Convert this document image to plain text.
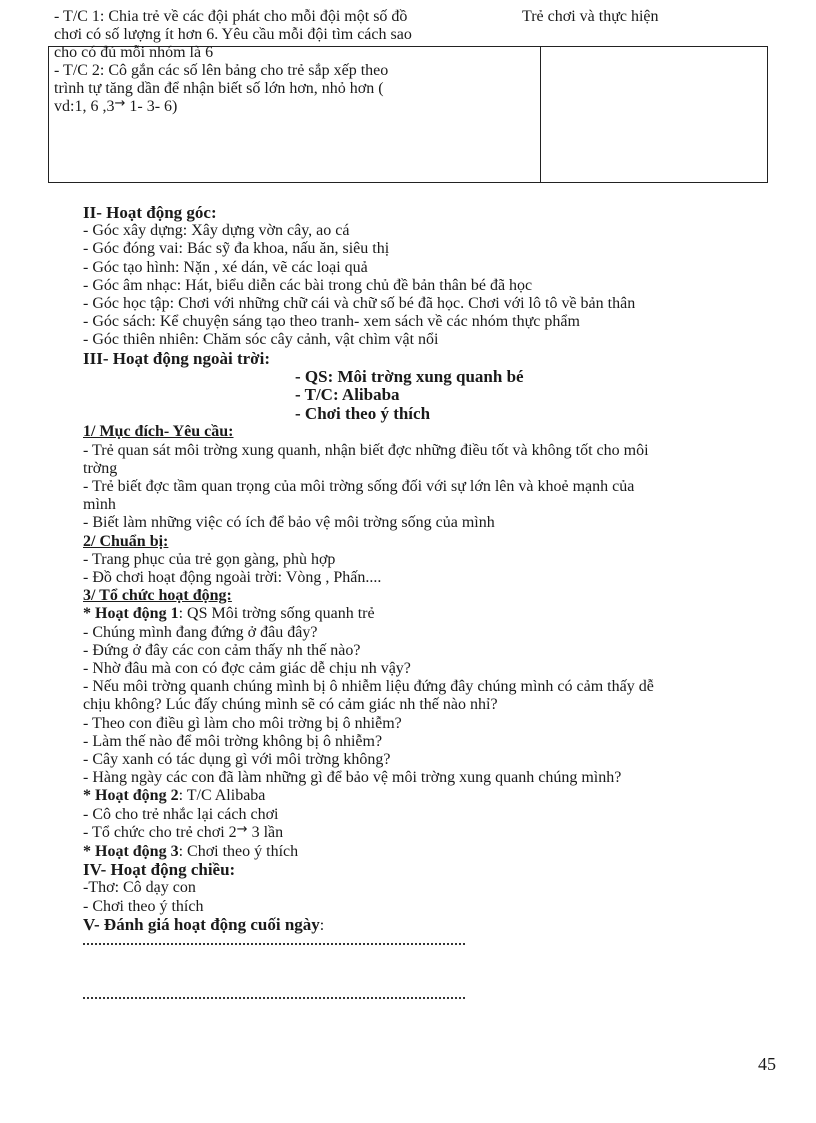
- T/C 1: Chia trẻ về các đội phát cho mỗi đội một số đồ
chơi có số lượng ít hơn 6. Yêu cầu mỗi đội tìm cách sao
cho có đủ mỗi nhóm là 6
- T/C 2: Cô gắn các số lên bảng cho trẻ sắp xếp theo
trình tự tăng dần để nhận biết số lớn hơn, nhỏ hơn (
vd:1, 6 ,3→ 1- 3- 6)
Trẻ chơi và thực hiện
II- Hoạt động góc:
- Góc xây dựng: Xây dựng vờn cây, ao cá
- Góc đóng vai: Bác sỹ đa khoa, nấu ăn, siêu thị
- Góc tạo hình: Nặn , xé dán, vẽ các loại quả
- Góc âm nhạc: Hát, biểu diễn các bài trong chủ đề bản thân bé đã học
- Góc học tập: Chơi với những chữ cái và chữ số bé đã học. Chơi với lô tô về bản thân
- Góc sách: Kể chuyện sáng tạo theo tranh- xem sách về các nhóm thực phẩm
- Góc thiên nhiên: Chăm sóc cây cảnh, vật chìm vật nổi
III- Hoạt động ngoài trời:
- QS: Môi trờng xung quanh bé
- T/C: Alibaba
- Chơi theo ý thích
1/ Mục đích- Yêu cầu:
- Trẻ quan sát môi trờng xung quanh, nhận biết đợc những điều tốt và không tốt cho môi
trờng
- Trẻ biết đợc tầm quan trọng của môi trờng sống đối với sự lớn lên và khoẻ mạnh của
mình
- Biết làm những việc có ích để bảo vệ môi trờng sống của mình
2/ Chuẩn bị:
- Trang phục của trẻ gọn gàng, phù hợp
- Đồ chơi hoạt động ngoài trời: Vòng , Phấn....
3/ Tổ chức hoạt động:
* Hoạt động 1: QS Môi trờng sống quanh trẻ
- Chúng mình đang đứng ở đâu đây?
- Đứng ở đây các con cảm thấy nh thế nào?
- Nhờ đâu mà con có đợc cảm giác dễ chịu nh vậy?
- Nếu môi trờng quanh chúng mình bị ô nhiễm liệu đứng đây chúng mình có cảm thấy dễ
chịu không? Lúc đấy chúng mình sẽ có cảm giác nh thế nào nhỉ?
- Theo con điều gì làm cho môi trờng bị ô nhiễm?
- Làm thế nào để môi trờng không bị ô nhiễm?
- Cây xanh có tác dụng gì với môi trờng không?
- Hàng ngày các con đã làm những gì để bảo vệ môi trờng xung quanh chúng mình?
* Hoạt động 2: T/C Alibaba
- Cô cho trẻ nhắc lại cách chơi
- Tổ chức cho trẻ chơi 2→ 3 lần
* Hoạt động 3: Chơi theo ý thích
IV- Hoạt động chiều:
-Thơ: Cô dạy con
- Chơi theo ý thích
V- Đánh giá hoạt động cuối ngày:
45
